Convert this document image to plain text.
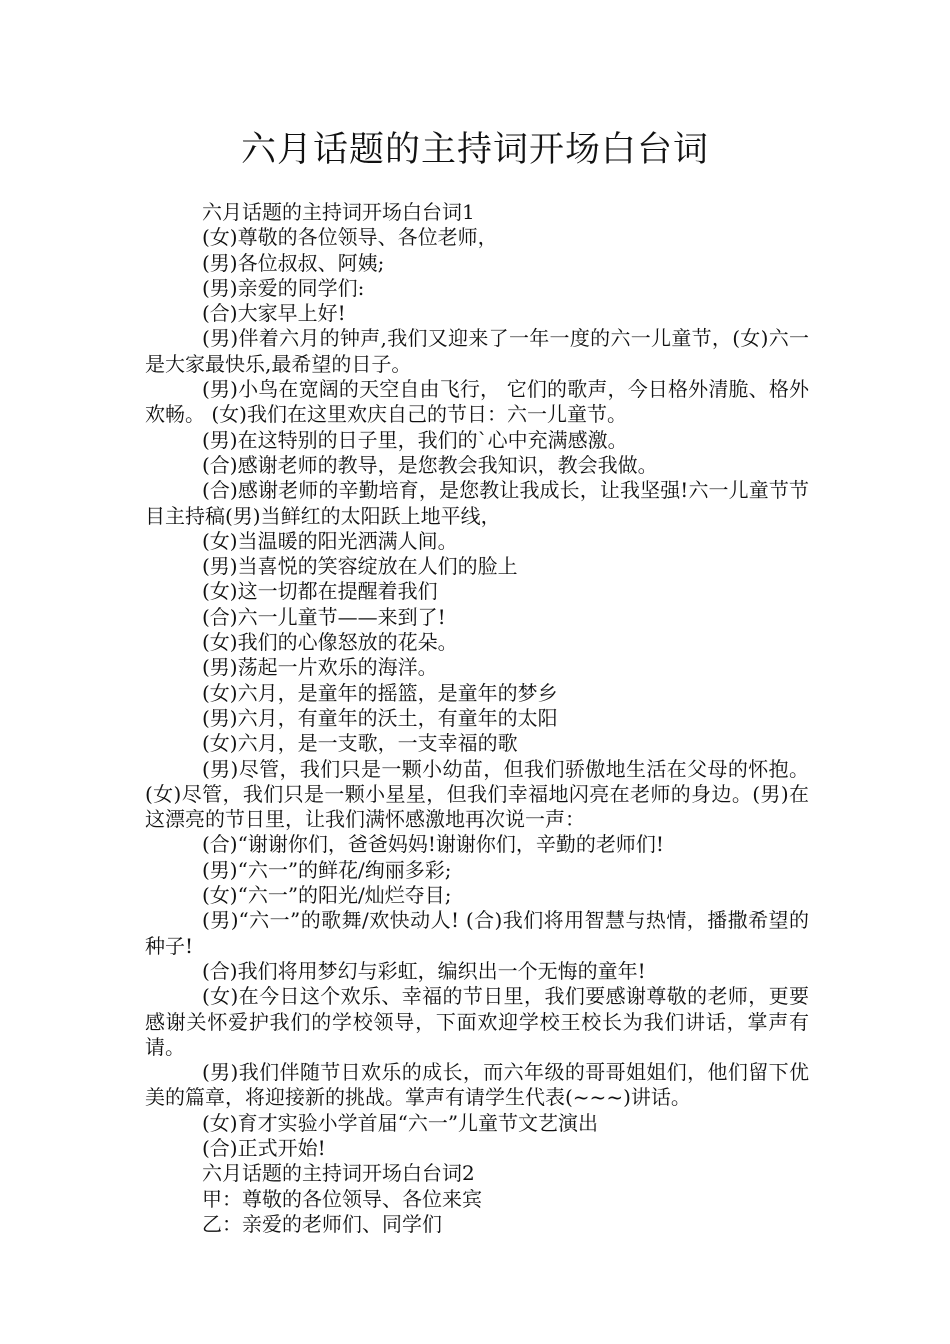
六月话题的主持词开场白台词

六月话题的主持词开场白台词1

(女)尊敬的各位领导、各位老师，

(男)各位叔叔、阿姨;

(男)亲爱的同学们:

(合)大家早上好!

(男)伴着六月的钟声,我们又迎来了一年一度的六一儿童节，(女)六一是大家最快乐,最希望的日子。

(男)小鸟在宽阔的天空自由飞行， 它们的歌声，今日格外清脆、格外欢畅。 (女)我们在这里欢庆自己的节日：六一儿童节。

(男)在这特别的日子里，我们的`心中充满感激。

(合)感谢老师的教导，是您教会我知识，教会我做。

(合)感谢老师的辛勤培育，是您教让我成长，让我坚强!六一儿童节节目主持稿(男)当鲜红的太阳跃上地平线，

(女)当温暖的阳光洒满人间。

(男)当喜悦的笑容绽放在人们的脸上

(女)这一切都在提醒着我们

(合)六一儿童节——来到了!

(女)我们的心像怒放的花朵。

(男)荡起一片欢乐的海洋。

(女)六月，是童年的摇篮，是童年的梦乡

(男)六月，有童年的沃土，有童年的太阳

(女)六月，是一支歌，一支幸福的歌

(男)尽管，我们只是一颗小幼苗，但我们骄傲地生活在父母的怀抱。 (女)尽管，我们只是一颗小星星，但我们幸福地闪亮在老师的身边。(男)在这漂亮的节日里，让我们满怀感激地再次说一声：

(合)“谢谢你们，爸爸妈妈!谢谢你们，辛勤的老师们!

(男)“六一”的鲜花/绚丽多彩;

(女)“六一”的阳光/灿烂夺目;

(男)“六一”的歌舞/欢快动人! (合)我们将用智慧与热情，播撒希望的种子!

(合)我们将用梦幻与彩虹，编织出一个无悔的童年!

(女)在今日这个欢乐、幸福的节日里，我们要感谢尊敬的老师，更要感谢关怀爱护我们的学校领导，下面欢迎学校王校长为我们讲话，掌声有请。

(男)我们伴随节日欢乐的成长，而六年级的哥哥姐姐们，他们留下优美的篇章，将迎接新的挑战。掌声有请学生代表(~~~)讲话。

(女)育才实验小学首届“六一”儿童节文艺演出

(合)正式开始!

六月话题的主持词开场白台词2

甲：尊敬的各位领导、各位来宾

乙：亲爱的老师们、同学们
